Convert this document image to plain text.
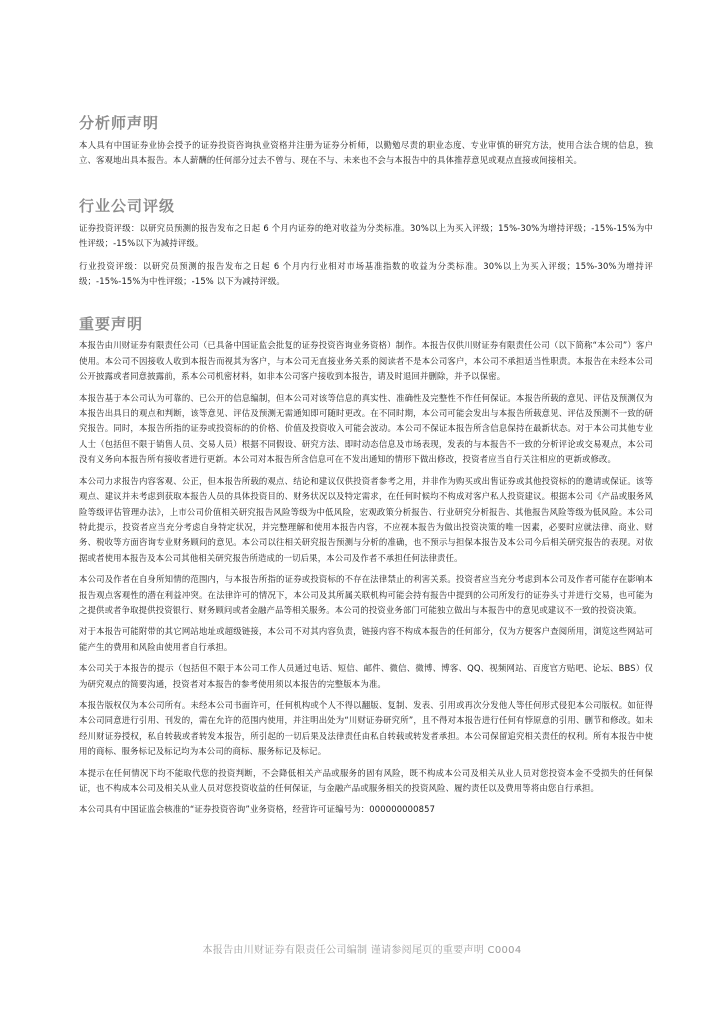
分析师声明

本人具有中国证券业协会授予的证券投资咨询执业资格并注册为证券分析师，以勤勉尽责的职业态度、专业审慎的研究方法，使用合法合规的信息，独立、客观地出具本报告。本人薪酬的任何部分过去不曾与、现在不与、未来也不会与本报告中的具体推荐意见或观点直接或间接相关。

行业公司评级

证券投资评级：以研究员预测的报告发布之日起 6 个月内证券的绝对收益为分类标准。30%以上为买入评级；15%-30%为增持评级；-15%-15%为中性评级；-15%以下为减持评级。

行业投资评级：以研究员预测的报告发布之日起 6 个月内行业相对市场基准指数的收益为分类标准。30%以上为买入评级；15%-30%为增持评级；-15%-15%为中性评级；-15% 以下为减持评级。

重要声明

本报告由川财证券有限责任公司（已具备中国证监会批复的证券投资咨询业务资格）制作。本报告仅供川财证券有限责任公司（以下简称“本公司”）客户使用。本公司不因接收人收到本报告而视其为客户，与本公司无直接业务关系的阅读者不是本公司客户，本公司不承担适当性职责。本报告在未经本公司公开披露或者同意披露前，系本公司机密材料，如非本公司客户接收到本报告，请及时退回并删除，并予以保密。

本报告基于本公司认为可靠的、已公开的信息编制，但本公司对该等信息的真实性、准确性及完整性不作任何保证。本报告所载的意见、评估及预测仅为本报告出具日的观点和判断，该等意见、评估及预测无需通知即可随时更改。在不同时期，本公司可能会发出与本报告所载意见、评估及预测不一致的研究报告。同时，本报告所指的证券或投资标的的价格、价值及投资收入可能会波动。本公司不保证本报告所含信息保持在最新状态。对于本公司其他专业人士（包括但不限于销售人员、交易人员）根据不同假设、研究方法、即时动态信息及市场表现，发表的与本报告不一致的分析评论或交易观点，本公司没有义务向本报告所有接收者进行更新。本公司对本报告所含信息可在不发出通知的情形下做出修改，投资者应当自行关注相应的更新或修改。

本公司力求报告内容客观、公正，但本报告所载的观点、结论和建议仅供投资者参考之用，并非作为购买或出售证券或其他投资标的的邀请或保证。该等观点、建议并未考虑到获取本报告人员的具体投资目的、财务状况以及特定需求，在任何时候均不构成对客户私人投资建议。根据本公司《产品或服务风险等级评估管理办法》，上市公司价值相关研究报告风险等级为中低风险，宏观政策分析报告、行业研究分析报告、其他报告风险等级为低风险。本公司特此提示，投资者应当充分考虑自身特定状况，并完整理解和使用本报告内容，不应视本报告为做出投资决策的唯一因素，必要时应就法律、商业、财务、税收等方面咨询专业财务顾问的意见。本公司以往相关研究报告预测与分析的准确，也不预示与担保本报告及本公司今后相关研究报告的表现。对依据或者使用本报告及本公司其他相关研究报告所造成的一切后果，本公司及作者不承担任何法律责任。

本公司及作者在自身所知情的范围内，与本报告所指的证券或投资标的不存在法律禁止的利害关系。投资者应当充分考虑到本公司及作者可能存在影响本报告观点客观性的潜在利益冲突。在法律许可的情况下，本公司及其所属关联机构可能会持有报告中提到的公司所发行的证券头寸并进行交易，也可能为之提供或者争取提供投资银行、财务顾问或者金融产品等相关服务。本公司的投资业务部门可能独立做出与本报告中的意见或建议不一致的投资决策。

对于本报告可能附带的其它网站地址或超级链接，本公司不对其内容负责，链接内容不构成本报告的任何部分，仅为方便客户查阅所用，浏览这些网站可能产生的费用和风险由使用者自行承担。

本公司关于本报告的提示（包括但不限于本公司工作人员通过电话、短信、邮件、微信、微博、博客、QQ、视频网站、百度官方贴吧、论坛、BBS）仅为研究观点的简要沟通，投资者对本报告的参考使用须以本报告的完整版本为准。

本报告版权仅为本公司所有。未经本公司书面许可，任何机构或个人不得以翻版、复制、发表、引用或再次分发他人等任何形式侵犯本公司版权。如征得本公司同意进行引用、刊发的，需在允许的范围内使用，并注明出处为“川财证券研究所”，且不得对本报告进行任何有悖原意的引用、删节和修改。如未经川财证券授权，私自转载或者转发本报告，所引起的一切后果及法律责任由私自转载或转发者承担。本公司保留追究相关责任的权利。所有本报告中使用的商标、服务标记及标记均为本公司的商标、服务标记及标记。

本提示在任何情况下均不能取代您的投资判断，不会降低相关产品或服务的固有风险，既不构成本公司及相关从业人员对您投资本金不受损失的任何保证，也不构成本公司及相关从业人员对您投资收益的任何保证，与金融产品或服务相关的投资风险、履约责任以及费用等将由您自行承担。

本公司具有中国证监会核准的“证券投资咨询”业务资格，经营许可证编号为：000000000857

本报告由川财证券有限责任公司编制 谨请参阅尾页的重要声明 C0004
